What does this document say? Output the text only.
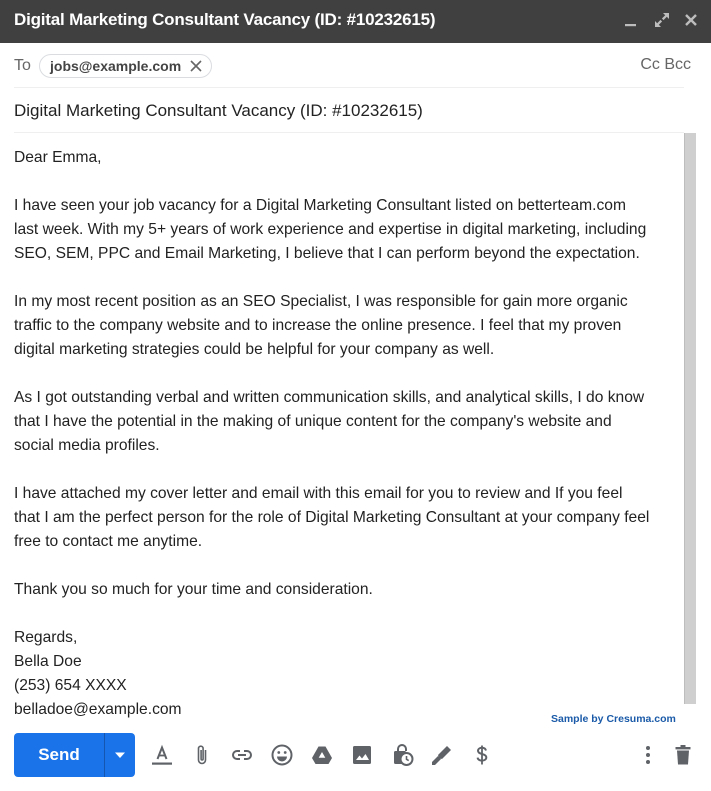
Digital Marketing Consultant Vacancy (ID: #10232615)
To jobs@example.com	Cc Bcc
Digital Marketing Consultant Vacancy (ID: #10232615)

Dear Emma,

I have seen your job vacancy for a Digital Marketing Consultant listed on betterteam.com
last week. With my 5+ years of work experience and expertise in digital marketing, including
SEO, SEM, PPC and Email Marketing, I believe that I can perform beyond the expectation.

In my most recent position as an SEO Specialist, I was responsible for gain more organic
traffic to the company website and to increase the online presence. I feel that my proven
digital marketing strategies could be helpful for your company as well.

As I got outstanding verbal and written communication skills, and analytical skills, I do know
that I have the potential in the making of unique content for the company's website and
social media profiles.

I have attached my cover letter and email with this email for you to review and If you feel
that I am the perfect person for the role of Digital Marketing Consultant at your company feel
free to contact me anytime.

Thank you so much for your time and consideration.

Regards,
Bella Doe
(253) 654 XXXX
belladoe@example.com

Sample by Cresuma.com
Send
